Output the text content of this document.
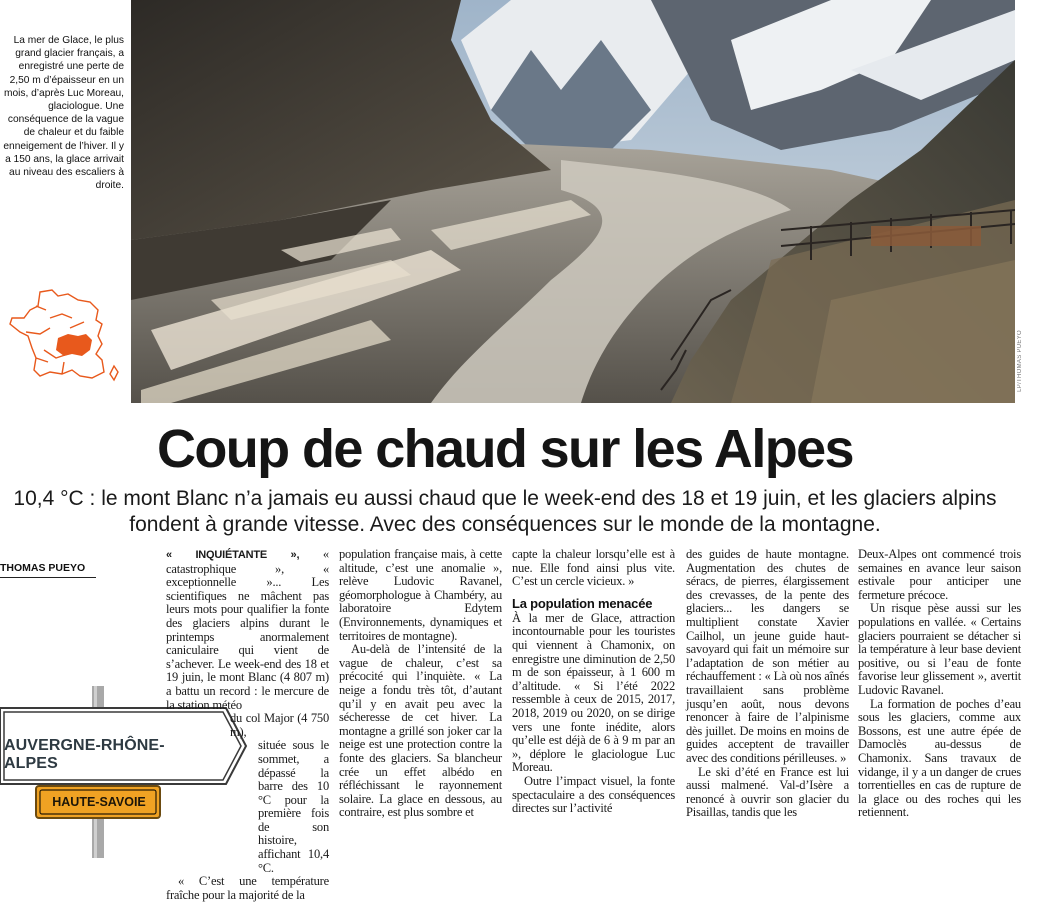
La mer de Glace, le plus grand glacier français, a enregistré une perte de 2,50 m d’épaisseur en un mois, d’après Luc Moreau, glaciologue. Une conséquence de la vague de chaleur et du faible enneigement de l’hiver. Il y a 150 ans, la glace arrivait au niveau des escaliers à droite.
LP/THOMAS PUEYO
Coup de chaud sur les Alpes
10,4 °C : le mont Blanc n’a jamais eu aussi chaud que le week-end des 18 et 19 juin, et les glaciers alpins fondent à grande vitesse. Avec des conséquences sur le monde de la montagne.
THOMAS PUEYO
AUVERGNE-RHÔNE-ALPES
HAUTE-SAVOIE

« INQUIÉTANTE », « catastrophique », « exceptionnelle »... Les scientifiques ne mâchent pas leurs mots pour qualifier la fonte des glaciers alpins durant le printemps anormalement caniculaire qui vient de s’achever. Le week-end des 18 et 19 juin, le mont Blanc (4 807 m) a battu un record : le mercure de la station météo

du col Major (4 750 m),

située sous le sommet, a dépassé la barre des 10 °C pour la première fois de son histoire, affichant 10,4 °C.

« C’est une température fraîche pour la majorité de la

population française mais, à cette altitude, c’est une anomalie », relève Ludovic Ravanel, géomorphologue à Chambéry, au laboratoire Edytem (Environnements, dynamiques et territoires de montagne).

Au-delà de l’intensité de la vague de chaleur, c’est sa précocité qui l’inquiète. « La neige a fondu très tôt, d’autant qu’il y en avait peu avec la sécheresse de cet hiver. La montagne a grillé son joker car la neige est une protection contre la fonte des glaciers. Sa blancheur crée un effet albédo en réfléchissant le rayonnement solaire. La glace en dessous, au contraire, est plus sombre et

capte la chaleur lorsqu’elle est à nue. Elle fond ainsi plus vite. C’est un cercle vicieux. »

La population menacée

À la mer de Glace, attraction incontournable pour les touristes qui viennent à Chamonix, on enregistre une diminution de 2,50 m de son épaisseur, à 1 600 m d’altitude. « Si l’été 2022 ressemble à ceux de 2015, 2017, 2018, 2019 ou 2020, on se dirige vers une fonte inédite, alors qu’elle est déjà de 6 à 9 m par an », déplore le glaciologue Luc Moreau.

Outre l’impact visuel, la fonte spectaculaire a des conséquences directes sur l’activité

des guides de haute montagne. Augmentation des chutes de séracs, de pierres, élargissement des crevasses, de la pente des glaciers... les dangers se multiplient constate Xavier Cailhol, un jeune guide haut-savoyard qui fait un mémoire sur l’adaptation de son métier au réchauffement : « Là où nos aînés travaillaient sans problème jusqu’en août, nous devons renoncer à faire de l’alpinisme dès juillet. De moins en moins de guides acceptent de travailler avec des conditions périlleuses. »

Le ski d’été en France est lui aussi malmené. Val-d’Isère a renoncé à ouvrir son glacier du Pisaillas, tandis que les

Deux-Alpes ont commencé trois semaines en avance leur saison estivale pour anticiper une fermeture précoce.

Un risque pèse aussi sur les populations en vallée. « Certains glaciers pourraient se détacher si la température à leur base devient positive, ou si l’eau de fonte favorise leur glissement », avertit Ludovic Ravanel.

La formation de poches d’eau sous les glaciers, comme aux Bossons, est une autre épée de Damoclès au-dessus de Chamonix. Sans travaux de vidange, il y a un danger de crues torrentielles en cas de rupture de la glace ou des roches qui les retiennent.
